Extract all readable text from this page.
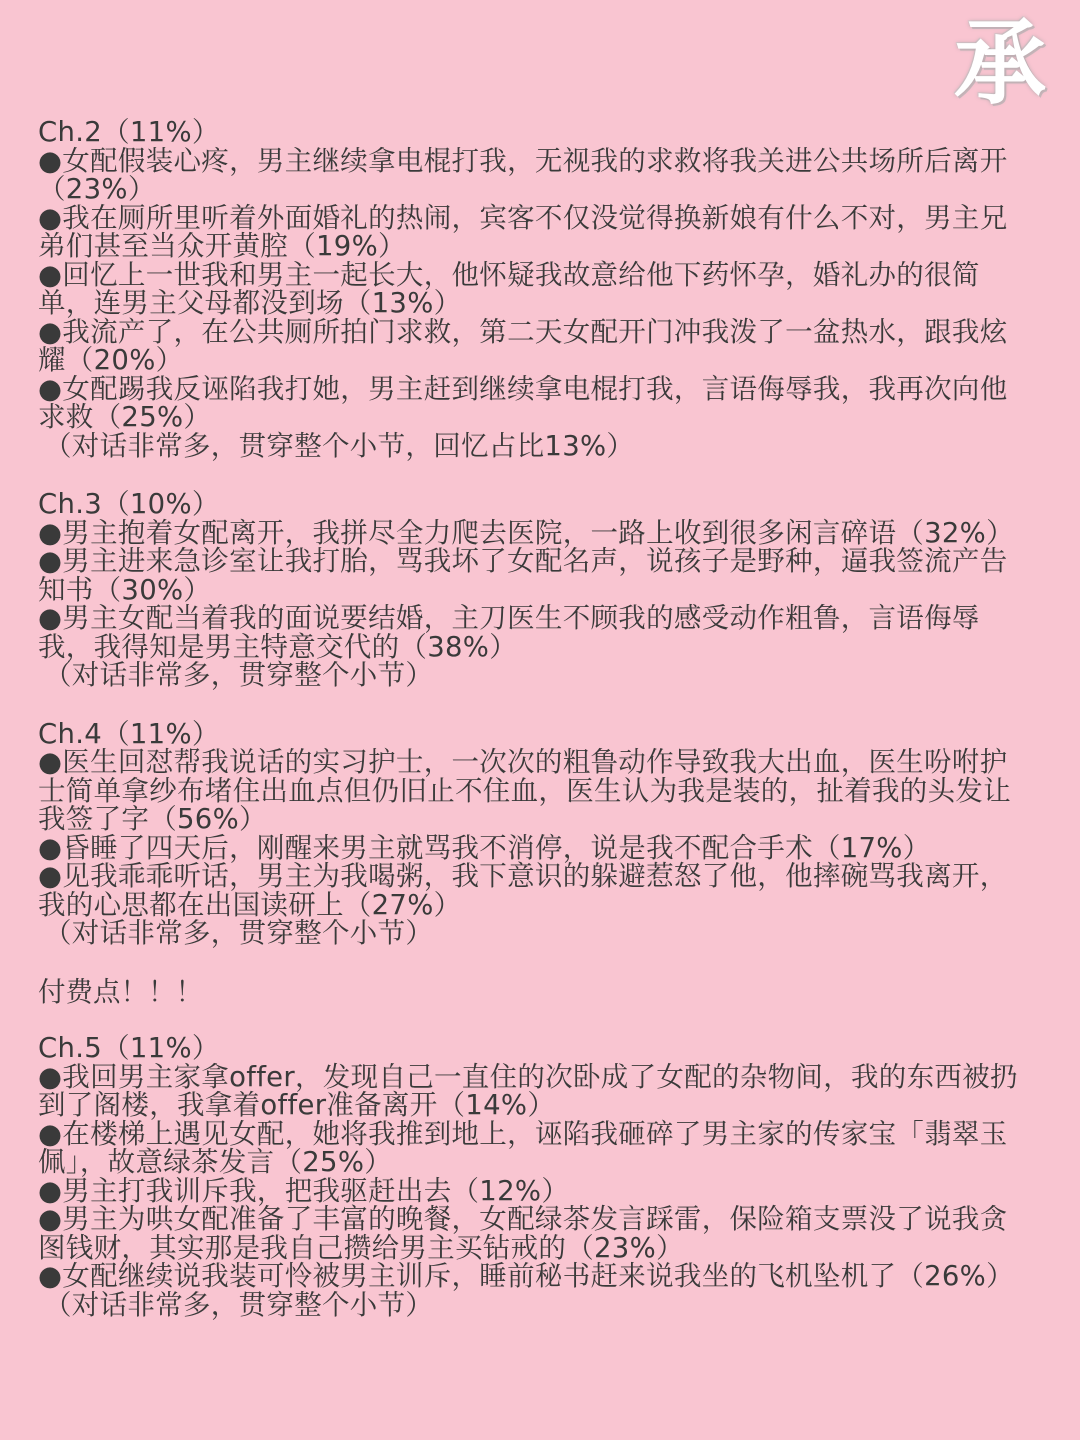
承
Ch.2（11%）
●女配假装心疼，男主继续拿电棍打我，无视我的求救将我关进公共场所后离开（23%）
●我在厕所里听着外面婚礼的热闹，宾客不仅没觉得换新娘有什么不对，男主兄弟们甚至当众开黄腔（19%）
●回忆上一世我和男主一起长大，他怀疑我故意给他下药怀孕，婚礼办的很简单，连男主父母都没到场（13%）
●我流产了，在公共厕所拍门求救，第二天女配开门冲我泼了一盆热水，跟我炫耀（20%）
●女配踢我反诬陷我打她，男主赶到继续拿电棍打我，言语侮辱我，我再次向他求救（25%）
（对话非常多，贯穿整个小节，回忆占比13%）
Ch.3（10%）
●男主抱着女配离开，我拼尽全力爬去医院，一路上收到很多闲言碎语（32%）
●男主进来急诊室让我打胎，骂我坏了女配名声，说孩子是野种，逼我签流产告知书（30%）
●男主女配当着我的面说要结婚，主刀医生不顾我的感受动作粗鲁，言语侮辱我，我得知是男主特意交代的（38%）
（对话非常多，贯穿整个小节）
Ch.4（11%）
●医生回怼帮我说话的实习护士，一次次的粗鲁动作导致我大出血，医生吩咐护士简单拿纱布堵住出血点但仍旧止不住血，医生认为我是装的，扯着我的头发让我签了字（56%）
●昏睡了四天后，刚醒来男主就骂我不消停，说是我不配合手术（17%）
●见我乖乖听话，男主为我喝粥，我下意识的躲避惹怒了他，他摔碗骂我离开，我的心思都在出国读研上（27%）
（对话非常多，贯穿整个小节）
付费点！！！
Ch.5（11%）
●我回男主家拿offer，发现自己一直住的次卧成了女配的杂物间，我的东西被扔到了阁楼，我拿着offer准备离开（14%）
●在楼梯上遇见女配，她将我推到地上，诬陷我砸碎了男主家的传家宝「翡翠玉佩」，故意绿茶发言（25%）
●男主打我训斥我，把我驱赶出去（12%）
●男主为哄女配准备了丰富的晚餐，女配绿茶发言踩雷，保险箱支票没了说我贪图钱财，其实那是我自己攒给男主买钻戒的（23%）
●女配继续说我装可怜被男主训斥，睡前秘书赶来说我坐的飞机坠机了（26%）
（对话非常多，贯穿整个小节）
